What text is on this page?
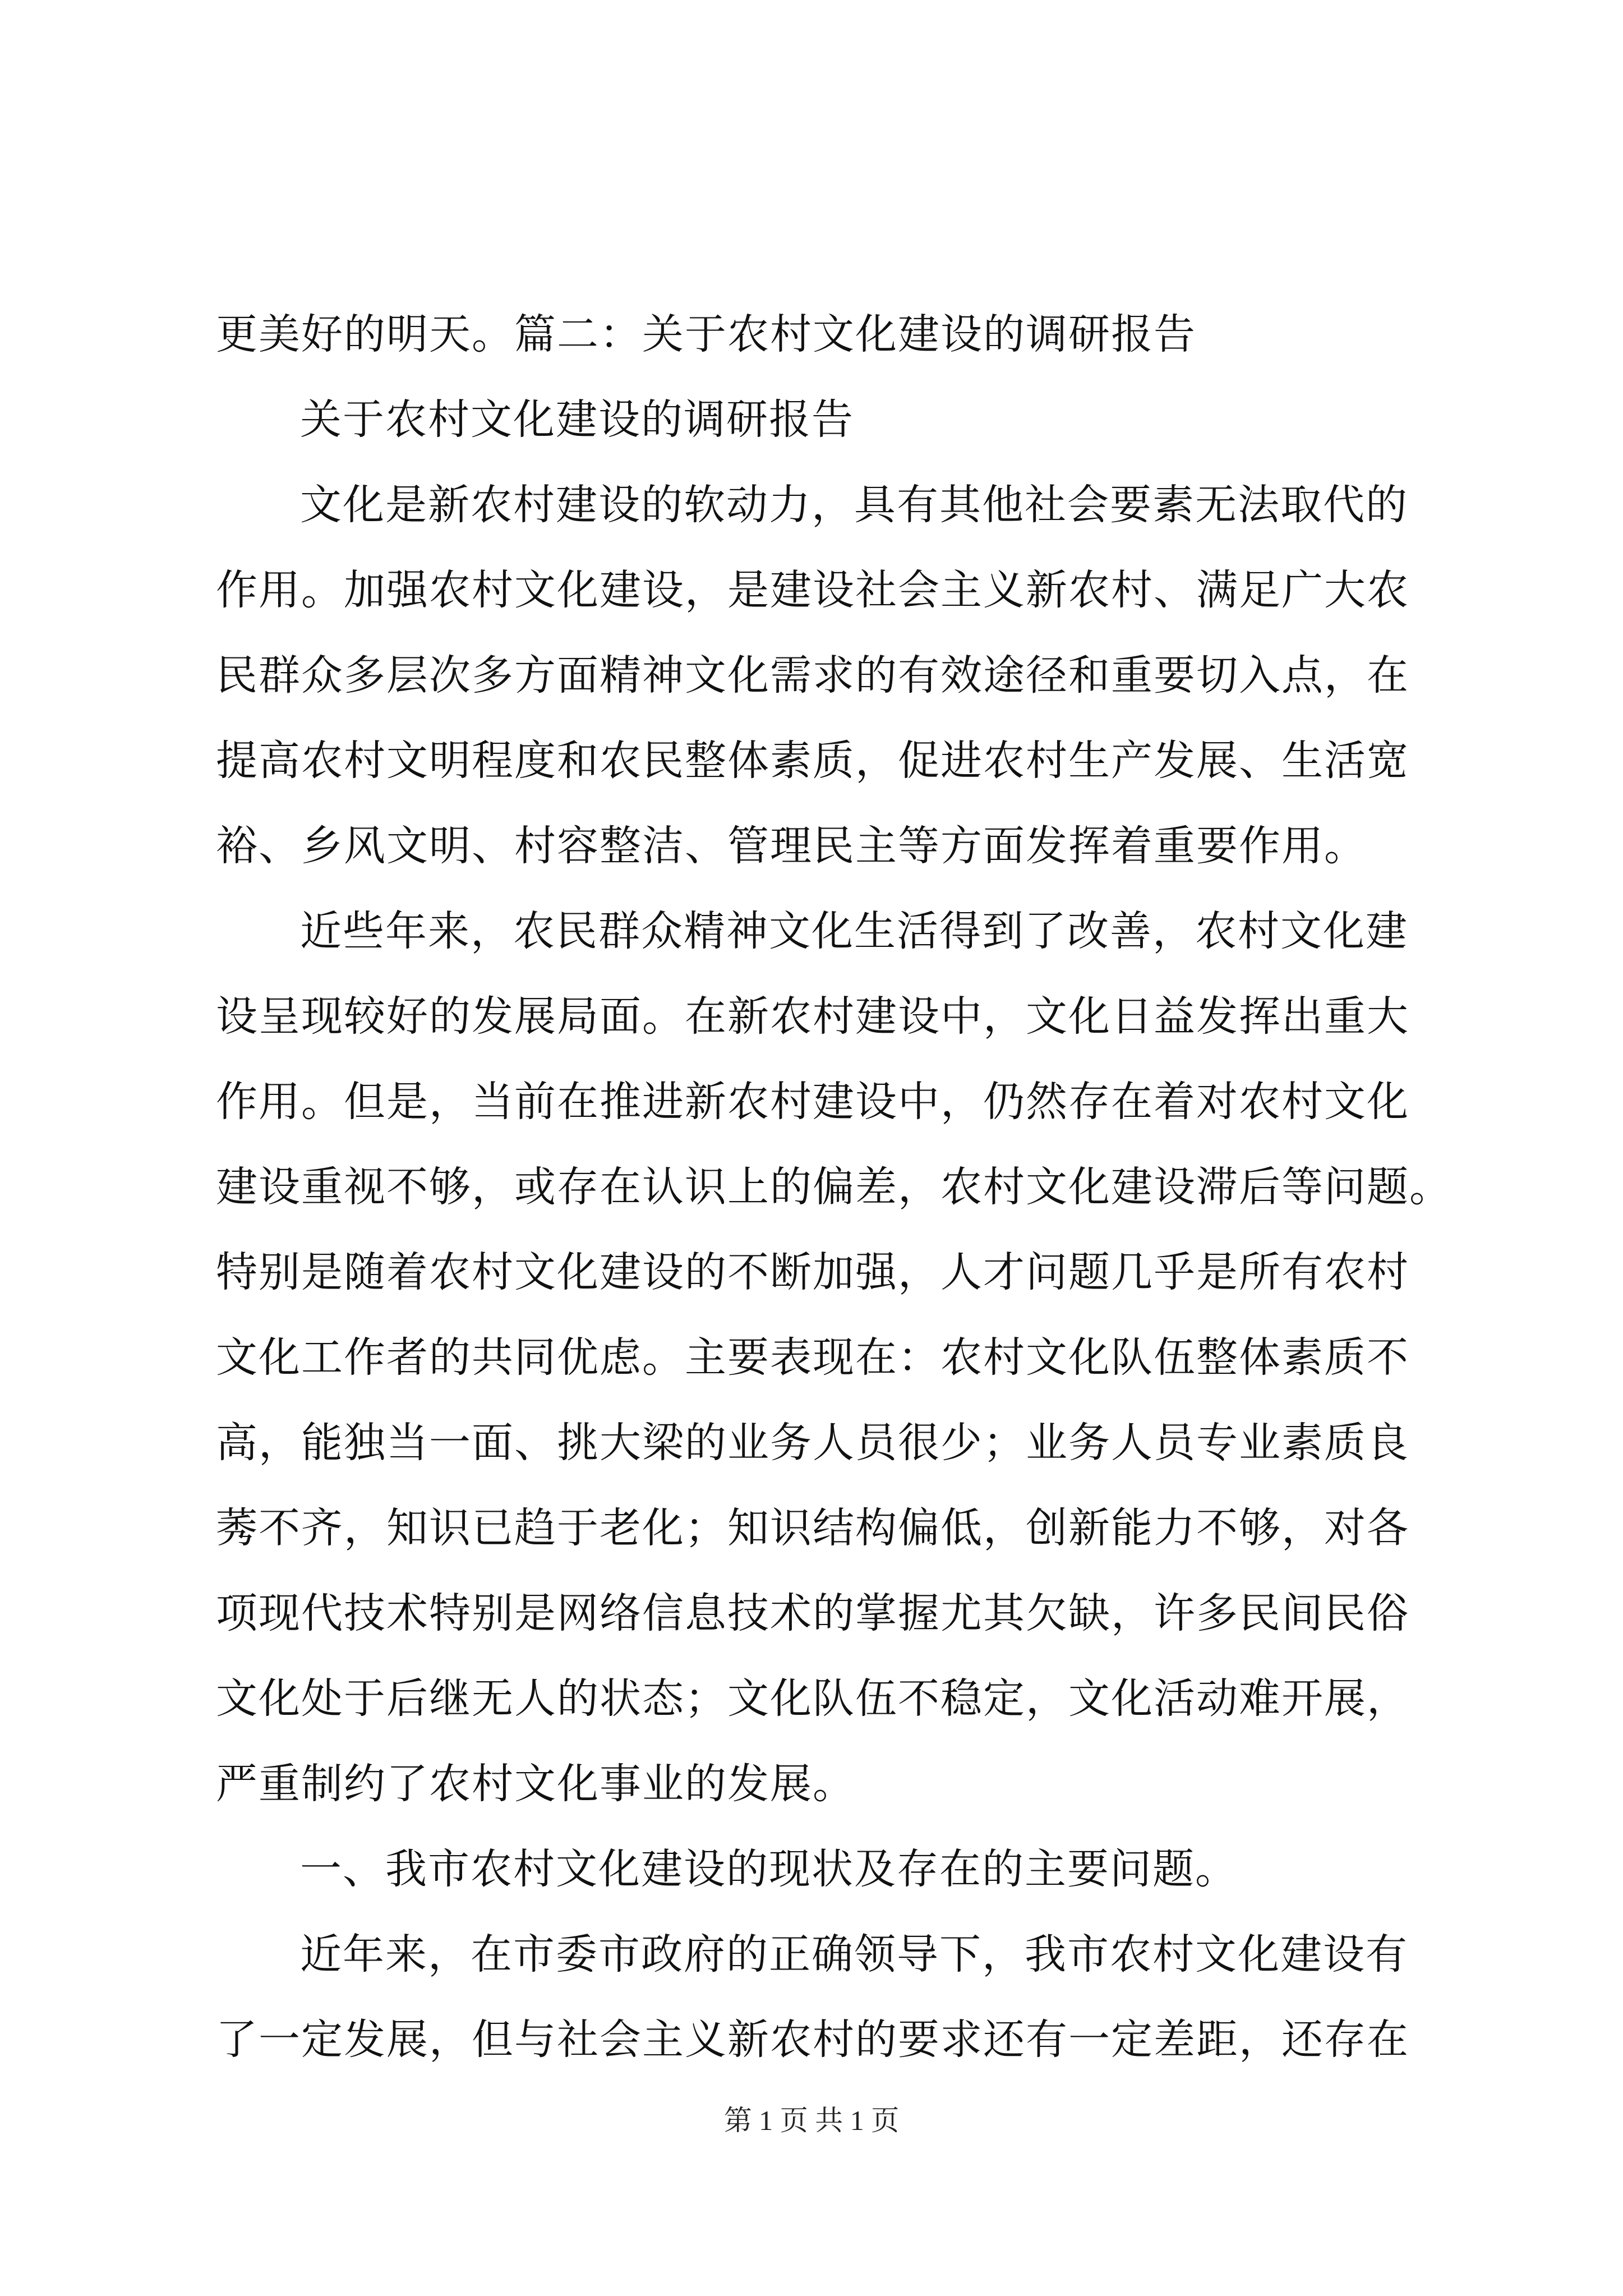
更美好的明天。篇二：关于农村文化建设的调研报告
关于农村文化建设的调研报告
文化是新农村建设的软动力，具有其他社会要素无法取代的
作用。加强农村文化建设，是建设社会主义新农村、满足广大农
民群众多层次多方面精神文化需求的有效途径和重要切入点，在
提高农村文明程度和农民整体素质，促进农村生产发展、生活宽
裕、乡风文明、村容整洁、管理民主等方面发挥着重要作用。
近些年来，农民群众精神文化生活得到了改善，农村文化建
设呈现较好的发展局面。在新农村建设中，文化日益发挥出重大
作用。但是，当前在推进新农村建设中，仍然存在着对农村文化
建设重视不够，或存在认识上的偏差，农村文化建设滞后等问题。
特别是随着农村文化建设的不断加强，人才问题几乎是所有农村
文化工作者的共同优虑。主要表现在：农村文化队伍整体素质不
高，能独当一面、挑大梁的业务人员很少；业务人员专业素质良
莠不齐，知识已趋于老化；知识结构偏低，创新能力不够，对各
项现代技术特别是网络信息技术的掌握尤其欠缺，许多民间民俗
文化处于后继无人的状态；文化队伍不稳定，文化活动难开展，
严重制约了农村文化事业的发展。
一、我市农村文化建设的现状及存在的主要问题。
近年来，在市委市政府的正确领导下，我市农村文化建设有
了一定发展，但与社会主义新农村的要求还有一定差距，还存在
第 1 页 共 1 页
